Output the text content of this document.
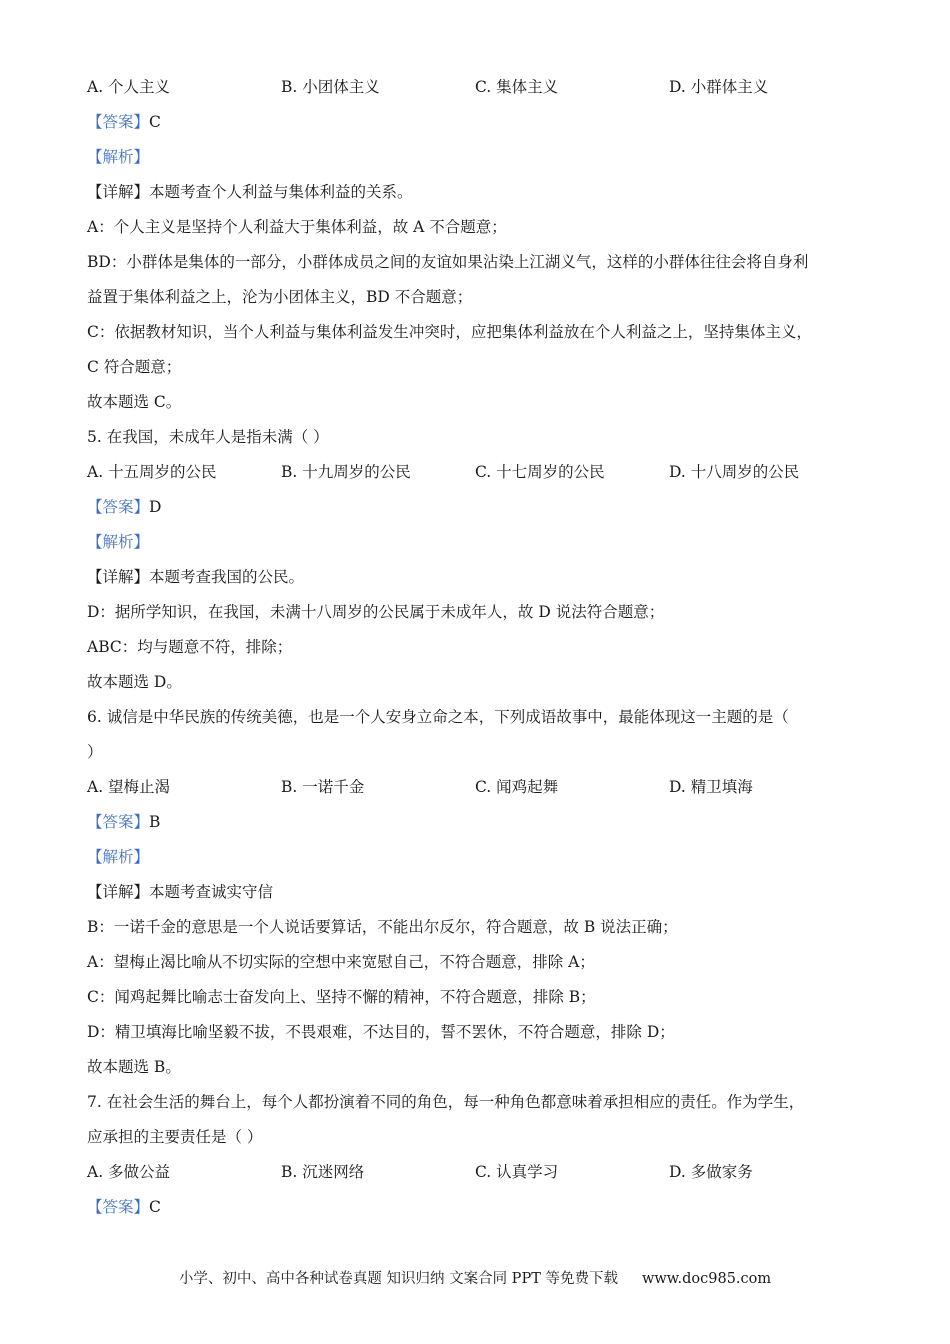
A. 个人主义	B. 小团体主义	C. 集体主义	D. 小群体主义
【答案】C
【解析】
【详解】本题考查个人利益与集体利益的关系。
A：个人主义是坚持个人利益大于集体利益，故 A 不合题意；
BD：小群体是集体的一部分，小群体成员之间的友谊如果沾染上江湖义气，这样的小群体往往会将自身利
益置于集体利益之上，沦为小团体主义，BD 不合题意；
C：依据教材知识，当个人利益与集体利益发生冲突时，应把集体利益放在个人利益之上，坚持集体主义，
C 符合题意；
故本题选 C。
5. 在我国，未成年人是指未满（ ）
A. 十五周岁的公民	B. 十九周岁的公民	C. 十七周岁的公民	D. 十八周岁的公民
【答案】D
【解析】
【详解】本题考查我国的公民。
D：据所学知识，在我国，未满十八周岁的公民属于未成年人，故 D 说法符合题意；
ABC：均与题意不符，排除；
故本题选 D。
6. 诚信是中华民族的传统美德，也是一个人安身立命之本，下列成语故事中，最能体现这一主题的是（
）
A. 望梅止渴	B. 一诺千金	C. 闻鸡起舞	D. 精卫填海
【答案】B
【解析】
【详解】本题考查诚实守信
B：一诺千金的意思是一个人说话要算话，不能出尔反尔，符合题意，故 B 说法正确；
A：望梅止渴比喻从不切实际的空想中来宽慰自己，不符合题意，排除 A；
C：闻鸡起舞比喻志士奋发向上、坚持不懈的精神，不符合题意，排除 B；
D：精卫填海比喻坚毅不拔，不畏艰难，不达目的，誓不罢休，不符合题意，排除 D；
故本题选 B。
7. 在社会生活的舞台上，每个人都扮演着不同的角色，每一种角色都意味着承担相应的责任。作为学生，
应承担的主要责任是（ ）
A. 多做公益	B. 沉迷网络	C. 认真学习	D. 多做家务
【答案】C
小学、初中、高中各种试卷真题 知识归纳 文案合同 PPT 等免费下载 www.doc985.com
